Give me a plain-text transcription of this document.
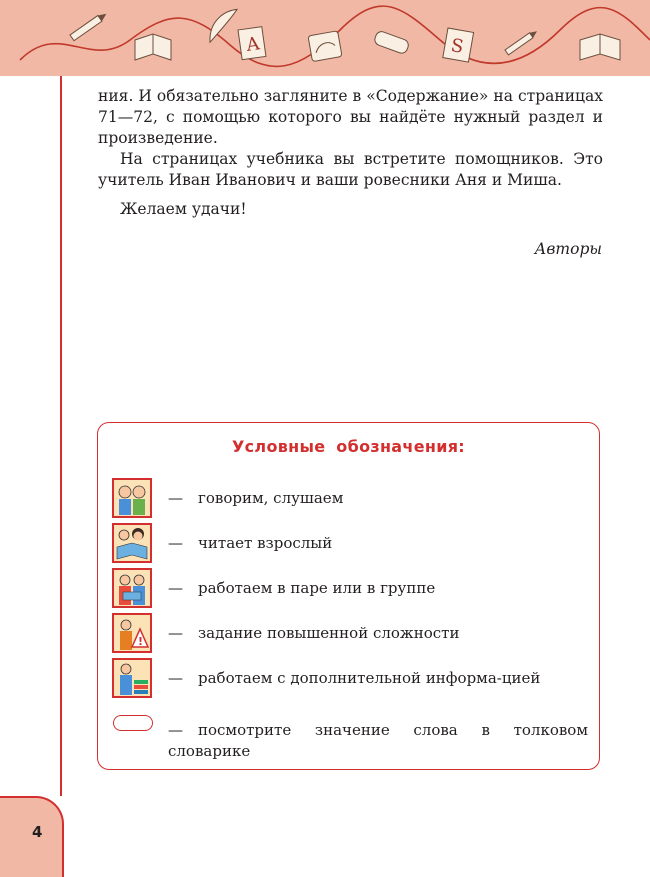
А	S

ния. И обязательно загляните в «Содержание» на страницах 71—72, с помощью которого вы найдёте нужный раздел и произведение.

На страницах учебника вы встретите помощников. Это учитель Иван Иванович и ваши ровесники Аня и Миша.

Желаем удачи!

Авторы
Условные обозначения:
— говорим, слушаем
— читает взрослый
— работаем в паре или в группе
! — задание повышенной сложности
— работаем с дополнительной информа-цией
— посмотрите значение слова в толковом словарике
4
